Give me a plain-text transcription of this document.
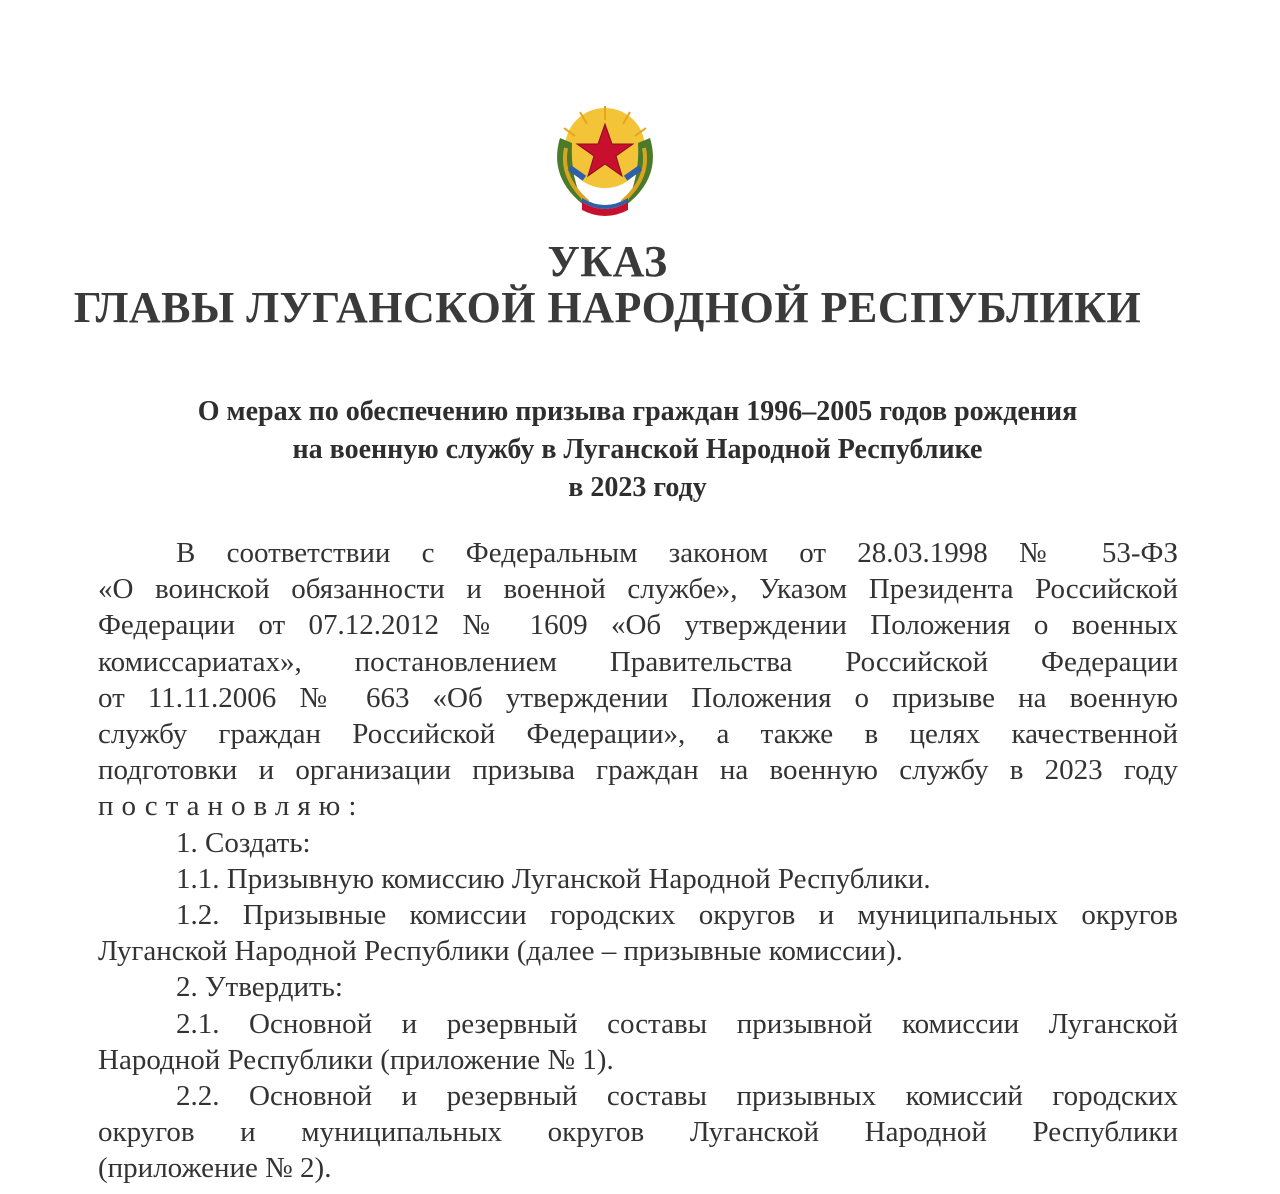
УКАЗ
ГЛАВЫ ЛУГАНСКОЙ НАРОДНОЙ РЕСПУБЛИКИ
О мерах по обеспечению призыва граждан 1996–2005 годов рождения
на военную службу в Луганской Народной Республике
в 2023 году

В соответствии с Федеральным законом от 28.03.1998 № 53-ФЗ

«О воинской обязанности и военной службе», Указом Президента Российской

Федерации от 07.12.2012 № 1609 «Об утверждении Положения о военных

комиссариатах», постановлением Правительства Российской Федерации

от 11.11.2006 № 663 «Об утверждении Положения о призыве на военную

службу граждан Российской Федерации», а также в целях качественной

подготовки и организации призыва граждан на военную службу в 2023 году

постановляю:

1. Создать:

1.1. Призывную комиссию Луганской Народной Республики.

1.2. Призывные комиссии городских округов и муниципальных округов

Луганской Народной Республики (далее – призывные комиссии).

2. Утвердить:

2.1. Основной и резервный составы призывной комиссии Луганской

Народной Республики (приложение № 1).

2.2. Основной и резервный составы призывных комиссий городских

округов и муниципальных округов Луганской Народной Республики

(приложение № 2).
